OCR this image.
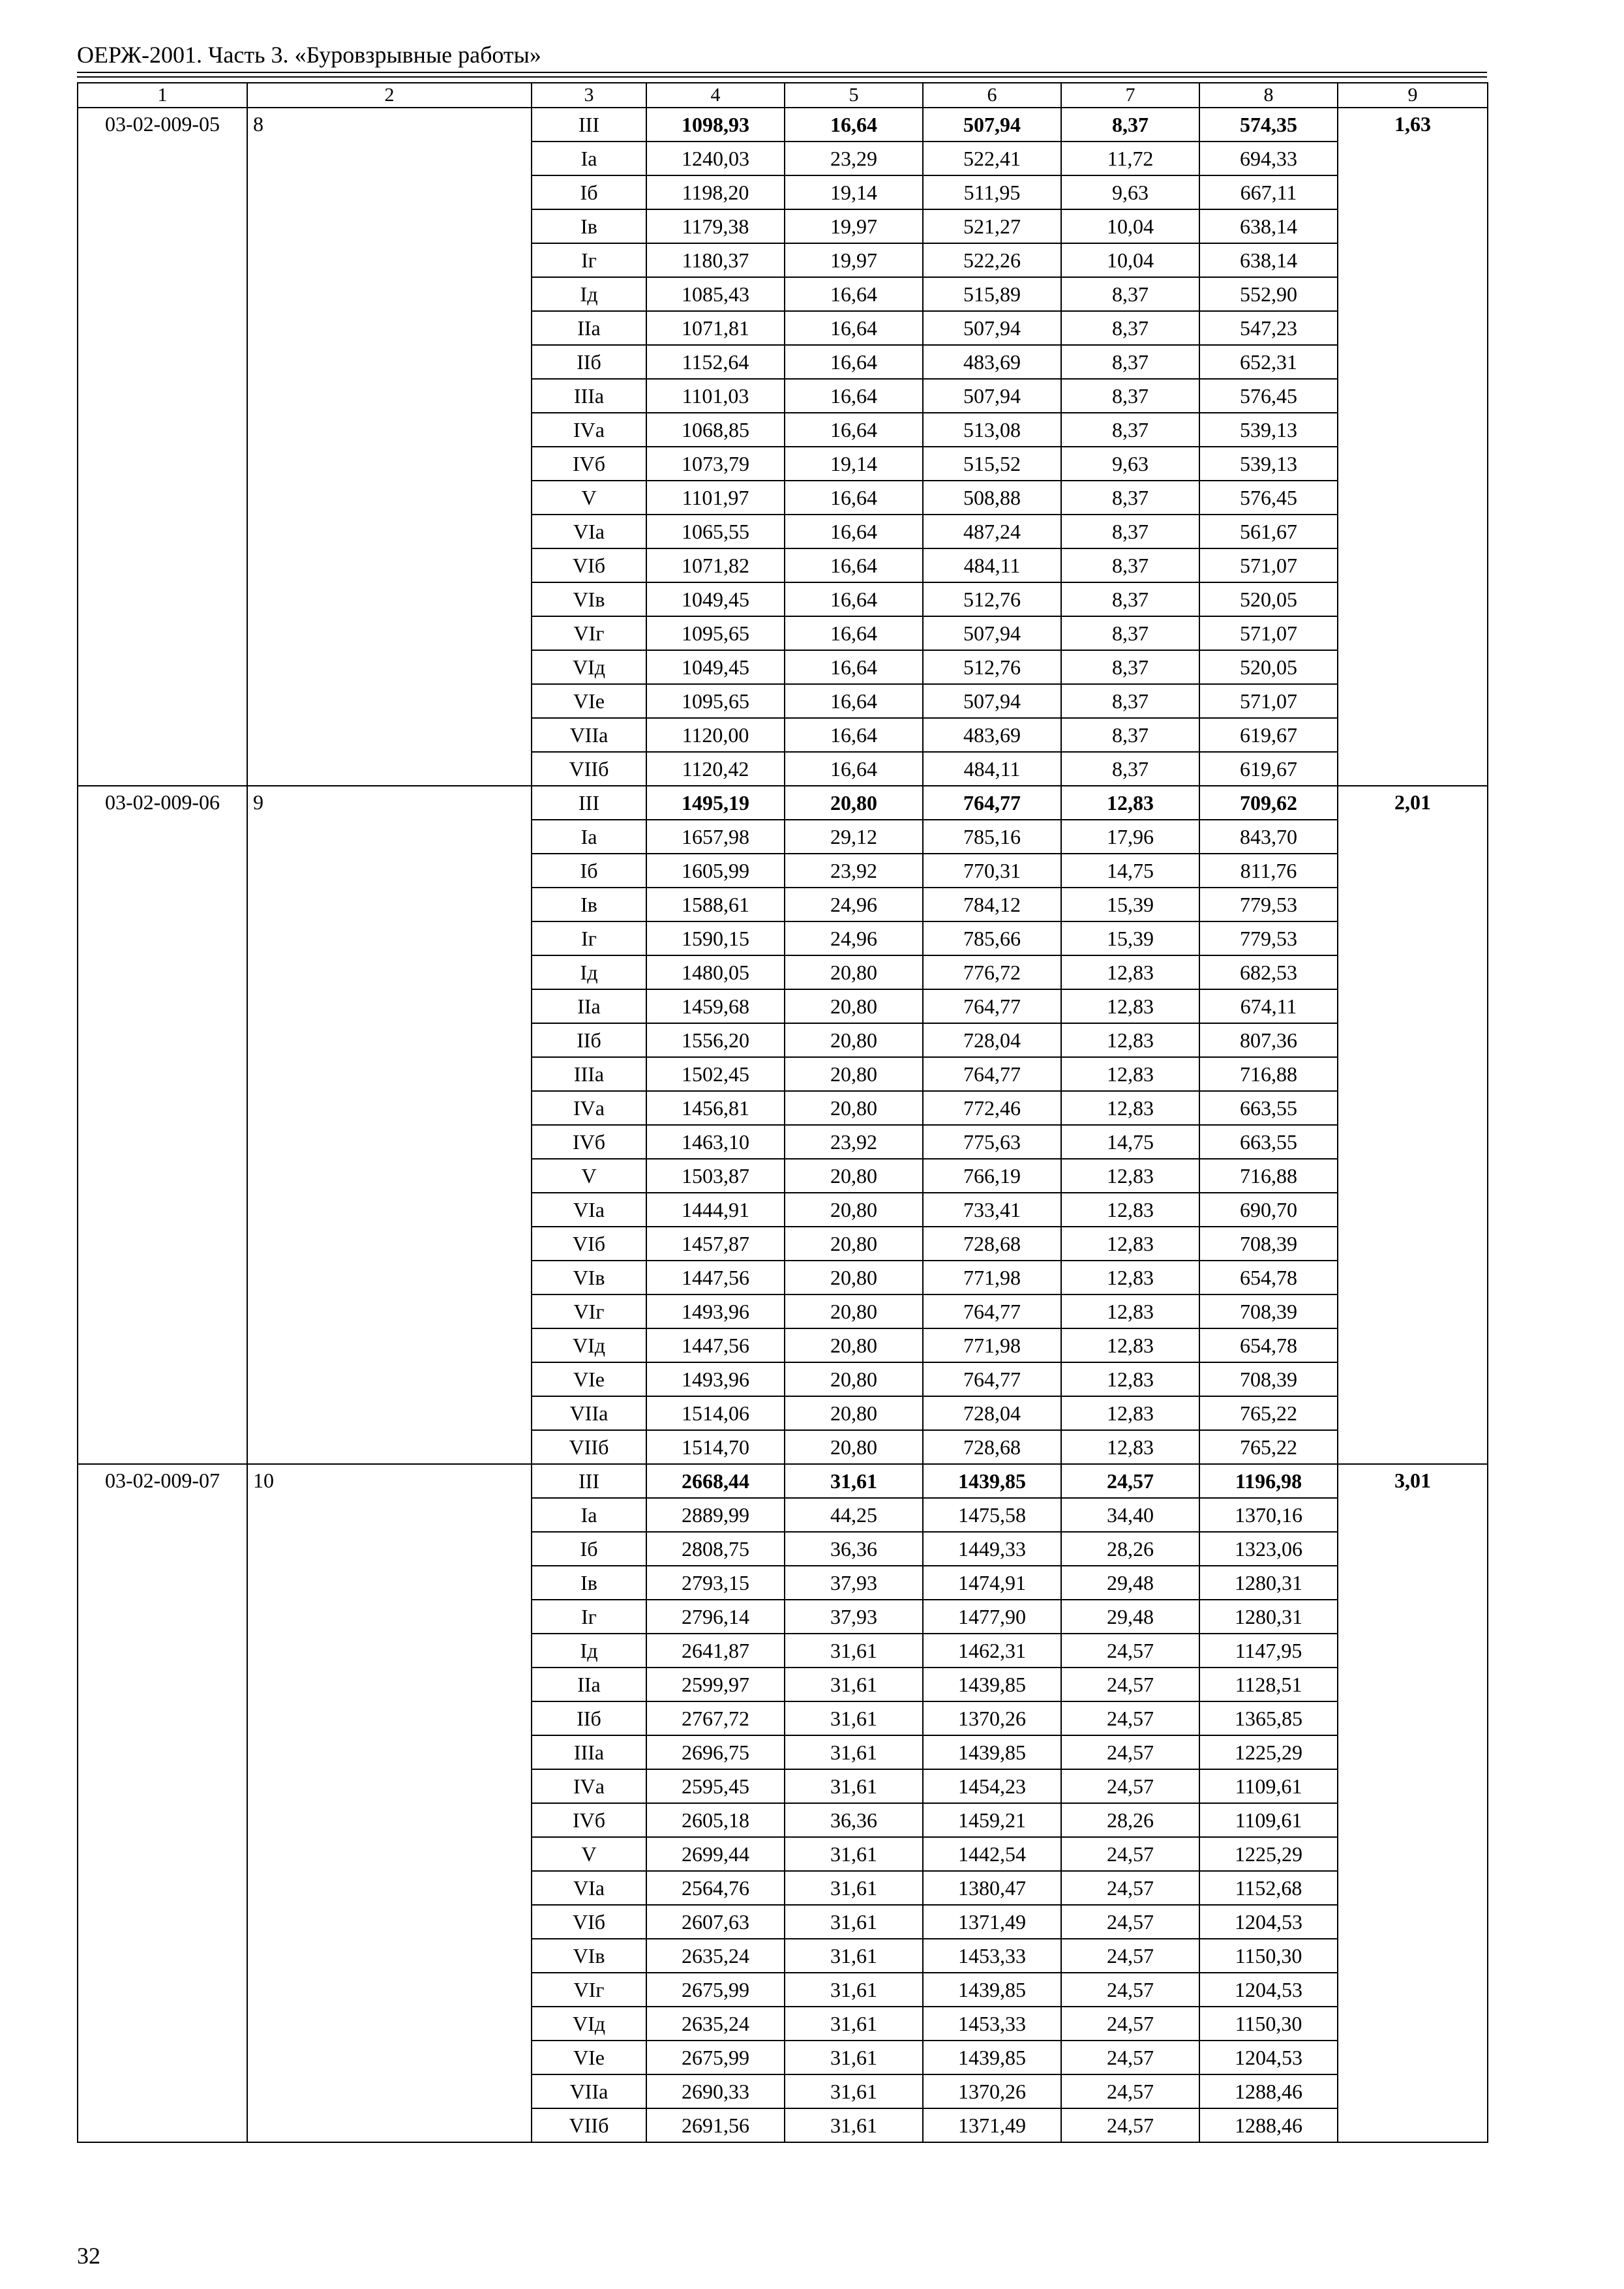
ОЕРЖ-2001. Часть 3. «Буровзрывные работы»
1	2	3	4	5	6	7	8	9
03-02-009-05	8	III	1098,93	16,64	507,94	8,37	574,35	1,63
		Iа	1240,03	23,29	522,41	11,72	694,33	
		Iб	1198,20	19,14	511,95	9,63	667,11	
		Iв	1179,38	19,97	521,27	10,04	638,14	
		Iг	1180,37	19,97	522,26	10,04	638,14	
		Iд	1085,43	16,64	515,89	8,37	552,90	
		IIа	1071,81	16,64	507,94	8,37	547,23	
		IIб	1152,64	16,64	483,69	8,37	652,31	
		IIIа	1101,03	16,64	507,94	8,37	576,45	
		IVа	1068,85	16,64	513,08	8,37	539,13	
		IVб	1073,79	19,14	515,52	9,63	539,13	
		V	1101,97	16,64	508,88	8,37	576,45	
		VIа	1065,55	16,64	487,24	8,37	561,67	
		VIб	1071,82	16,64	484,11	8,37	571,07	
		VIв	1049,45	16,64	512,76	8,37	520,05	
		VIг	1095,65	16,64	507,94	8,37	571,07	
		VIд	1049,45	16,64	512,76	8,37	520,05	
		VIе	1095,65	16,64	507,94	8,37	571,07	
		VIIа	1120,00	16,64	483,69	8,37	619,67	
		VIIб	1120,42	16,64	484,11	8,37	619,67	
03-02-009-06	9	III	1495,19	20,80	764,77	12,83	709,62	2,01
		Iа	1657,98	29,12	785,16	17,96	843,70	
		Iб	1605,99	23,92	770,31	14,75	811,76	
		Iв	1588,61	24,96	784,12	15,39	779,53	
		Iг	1590,15	24,96	785,66	15,39	779,53	
		Iд	1480,05	20,80	776,72	12,83	682,53	
		IIа	1459,68	20,80	764,77	12,83	674,11	
		IIб	1556,20	20,80	728,04	12,83	807,36	
		IIIа	1502,45	20,80	764,77	12,83	716,88	
		IVа	1456,81	20,80	772,46	12,83	663,55	
		IVб	1463,10	23,92	775,63	14,75	663,55	
		V	1503,87	20,80	766,19	12,83	716,88	
		VIа	1444,91	20,80	733,41	12,83	690,70	
		VIб	1457,87	20,80	728,68	12,83	708,39	
		VIв	1447,56	20,80	771,98	12,83	654,78	
		VIг	1493,96	20,80	764,77	12,83	708,39	
		VIд	1447,56	20,80	771,98	12,83	654,78	
		VIе	1493,96	20,80	764,77	12,83	708,39	
		VIIа	1514,06	20,80	728,04	12,83	765,22	
		VIIб	1514,70	20,80	728,68	12,83	765,22	
03-02-009-07	10	III	2668,44	31,61	1439,85	24,57	1196,98	3,01
		Iа	2889,99	44,25	1475,58	34,40	1370,16	
		Iб	2808,75	36,36	1449,33	28,26	1323,06	
		Iв	2793,15	37,93	1474,91	29,48	1280,31	
		Iг	2796,14	37,93	1477,90	29,48	1280,31	
		Iд	2641,87	31,61	1462,31	24,57	1147,95	
		IIа	2599,97	31,61	1439,85	24,57	1128,51	
		IIб	2767,72	31,61	1370,26	24,57	1365,85	
		IIIа	2696,75	31,61	1439,85	24,57	1225,29	
		IVа	2595,45	31,61	1454,23	24,57	1109,61	
		IVб	2605,18	36,36	1459,21	28,26	1109,61	
		V	2699,44	31,61	1442,54	24,57	1225,29	
		VIа	2564,76	31,61	1380,47	24,57	1152,68	
		VIб	2607,63	31,61	1371,49	24,57	1204,53	
		VIв	2635,24	31,61	1453,33	24,57	1150,30	
		VIг	2675,99	31,61	1439,85	24,57	1204,53	
		VIд	2635,24	31,61	1453,33	24,57	1150,30	
		VIе	2675,99	31,61	1439,85	24,57	1204,53	
		VIIа	2690,33	31,61	1370,26	24,57	1288,46	
		VIIб	2691,56	31,61	1371,49	24,57	1288,46	
32
